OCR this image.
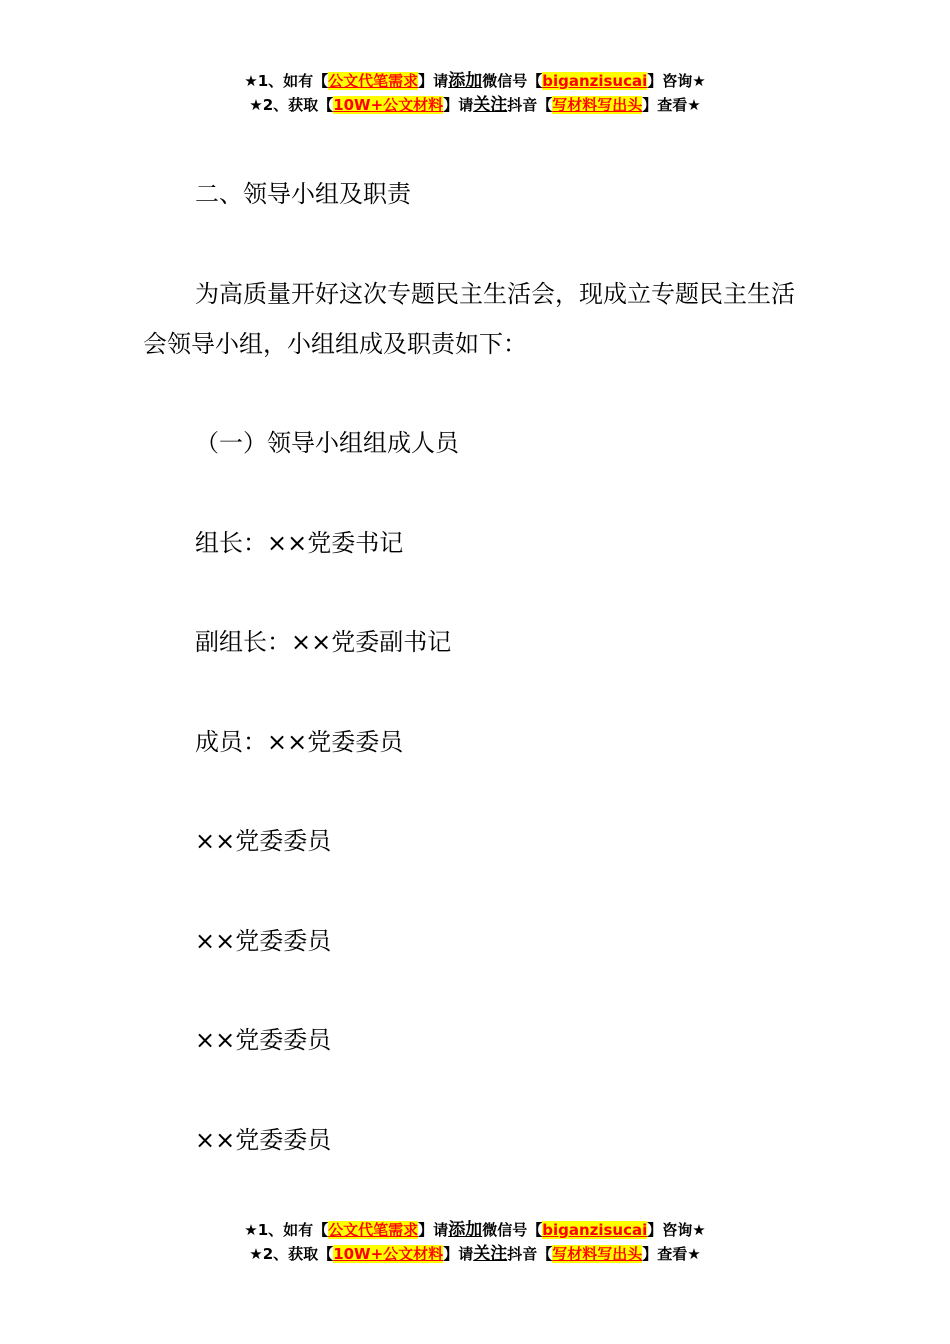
★1、如有【公文代笔需求】请添加微信号【biganzisucai】咨询★
★2、获取【10W+公文材料】请关注抖音【写材料写出头】查看★
二、领导小组及职责
为高质量开好这次专题民主生活会，现成立专题民主生活会领导小组，小组组成及职责如下：
（一）领导小组组成人员
组长：××党委书记
副组长：××党委副书记
成员：××党委委员
××党委委员
××党委委员
××党委委员
××党委委员
★1、如有【公文代笔需求】请添加微信号【biganzisucai】咨询★
★2、获取【10W+公文材料】请关注抖音【写材料写出头】查看★
